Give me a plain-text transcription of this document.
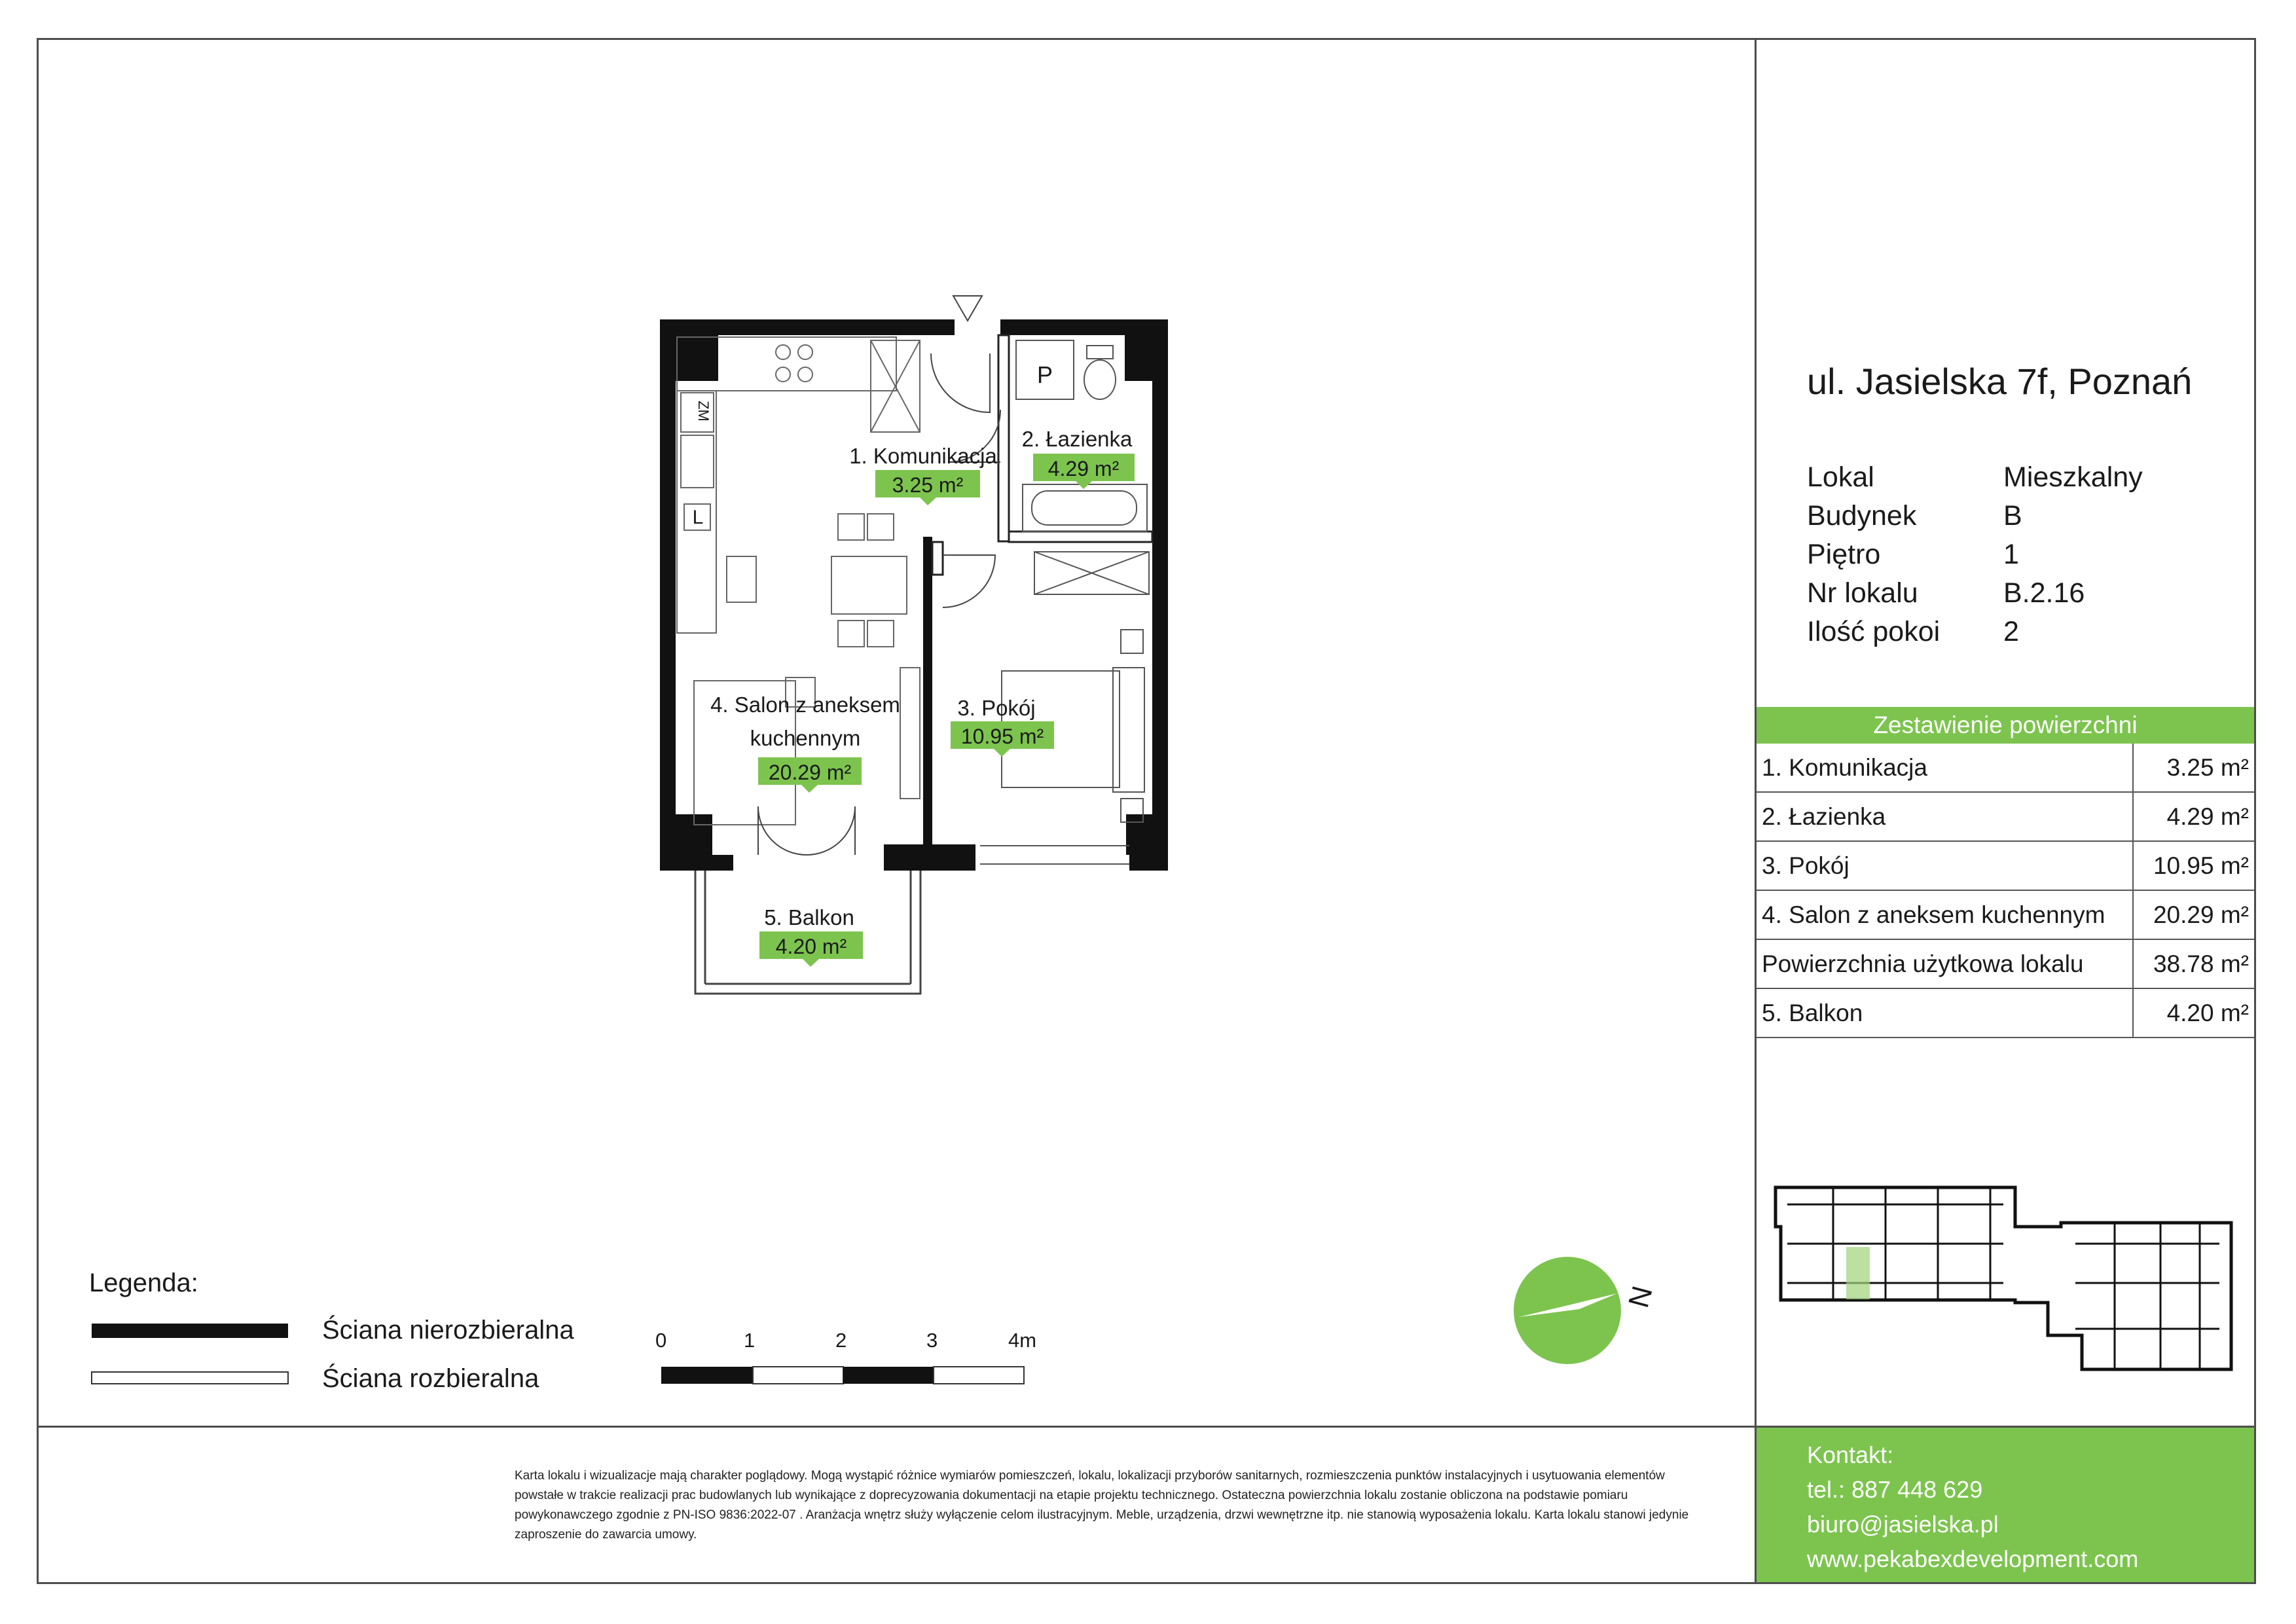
1. Komunikacja
3.25 m²
2. Łazienka
4.29 m²
3. Pokój
10.95 m²
4. Salon z aneksem
kuchennym
20.29 m²
5. Balkon
4.20 m²
ZM
L
P
N
ul. Jasielska 7f, Poznań
Lokal	Mieszkalny
Budynek	B
Piętro	1
Nr lokalu	B.2.16
Ilość pokoi	2
Zestawienie powierzchni
1. Komunikacja	3.25 m²
2. Łazienka	4.29 m²
3. Pokój	10.95 m²
4. Salon z aneksem kuchennym	20.29 m²
Powierzchnia użytkowa lokalu	38.78 m²
5. Balkon	4.20 m²
Legenda:
Ściana nierozbieralna
Ściana rozbieralna
0	1	2	3	4m
Karta lokalu i wizualizacje mają charakter poglądowy. Mogą wystąpić różnice wymiarów pomieszczeń, lokalu, lokalizacji przyborów sanitarnych, rozmieszczenia punktów instalacyjnych i usytuowania elementów powstałe w trakcie realizacji prac budowlanych lub wynikające z doprecyzowania dokumentacji na etapie projektu technicznego. Ostateczna powierzchnia lokalu zostanie obliczona na podstawie pomiaru powykonawczego zgodnie z PN-ISO 9836:2022-07 . Aranżacja wnętrz służy wyłączenie celom ilustracyjnym. Meble, urządzenia, drzwi wewnętrzne itp. nie stanowią wyposażenia lokalu. Karta lokalu stanowi jedynie zaproszenie do zawarcia umowy.
Kontakt:
tel.: 887 448 629
biuro@jasielska.pl
www.pekabexdevelopment.com
